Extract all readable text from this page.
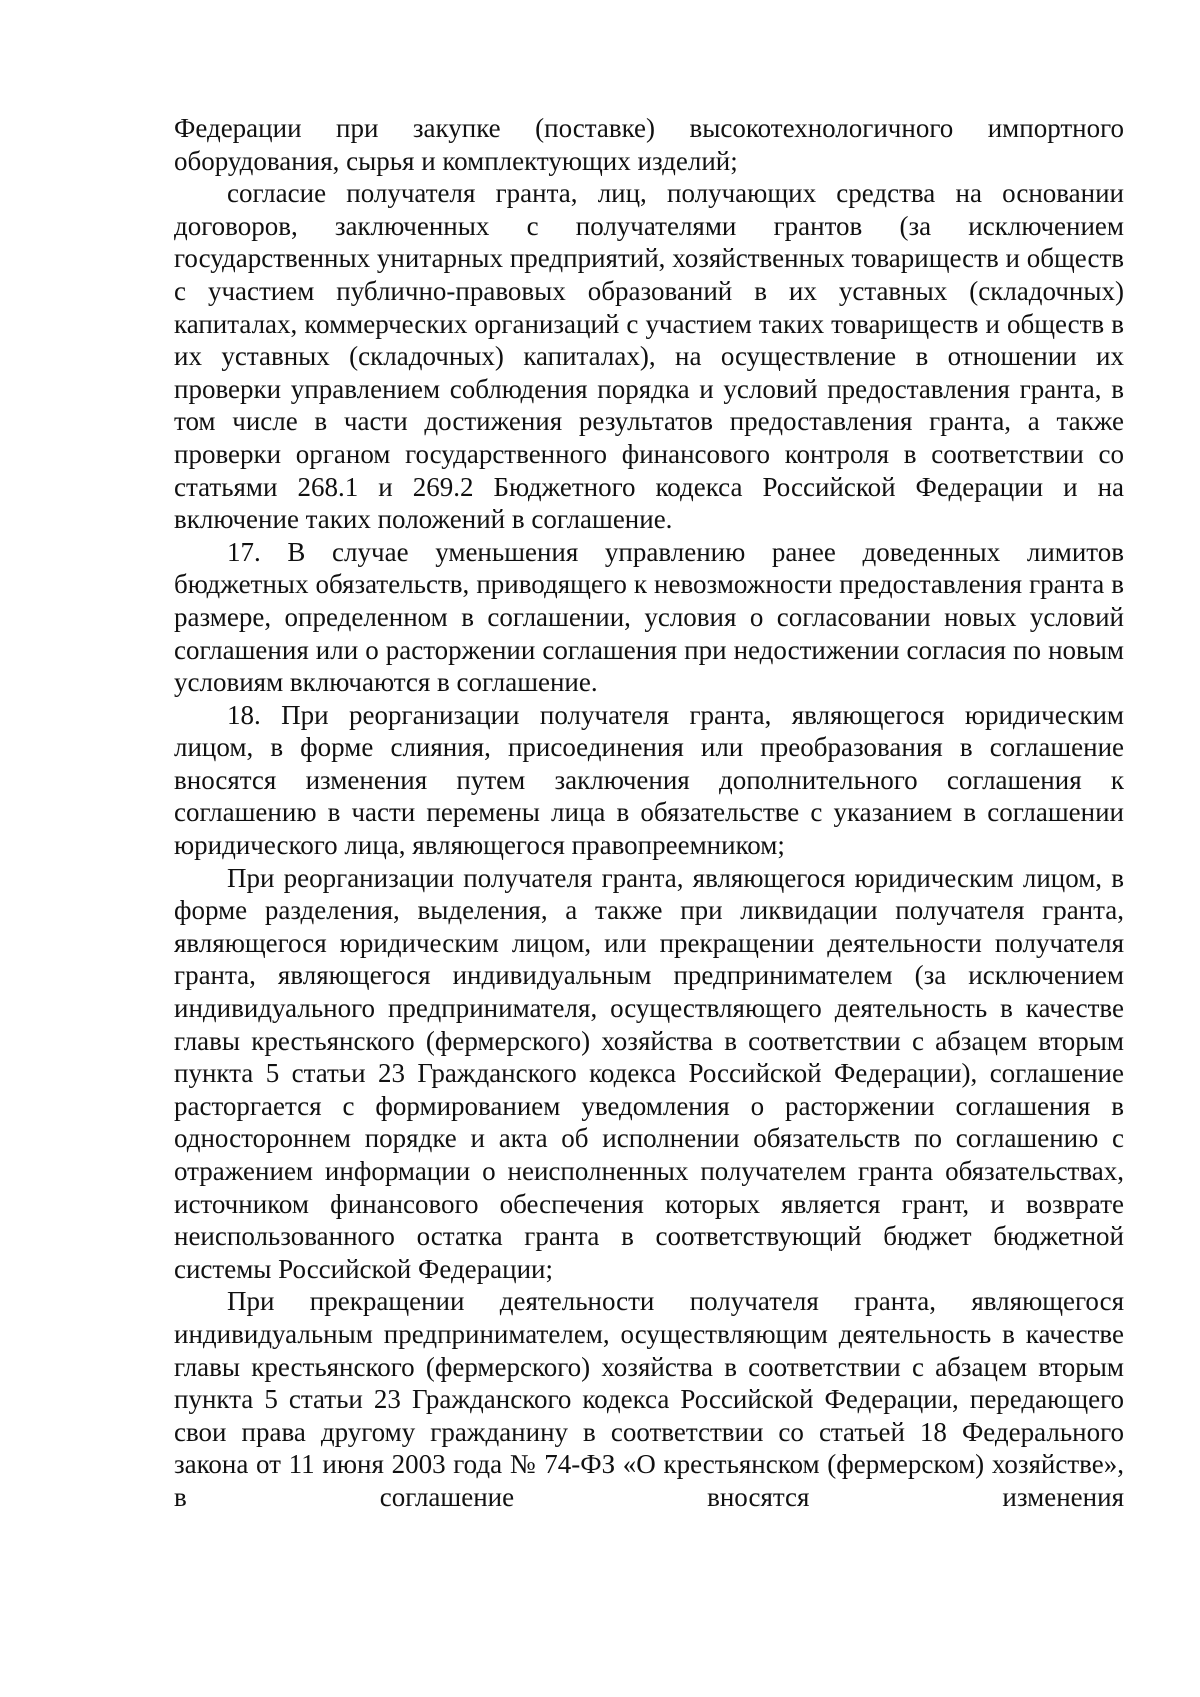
Федерации при закупке (поставке) высокотехнологичного импортного оборудования, сырья и комплектующих изделий;

согласие получателя гранта, лиц, получающих средства на основании договоров, заключенных с получателями грантов (за исключением государственных унитарных предприятий, хозяйственных товариществ и обществ с участием публично-правовых образований в их уставных (складочных) капиталах, коммерческих организаций с участием таких товариществ и обществ в их уставных (складочных) капиталах), на осуществление в отношении их проверки управлением соблюдения порядка и условий предоставления гранта, в том числе в части достижения результатов предоставления гранта, а также проверки органом государственного финансового контроля в соответствии со статьями 268.1 и 269.2 Бюджетного кодекса Российской Федерации и на включение таких положений в соглашение.

17. В случае уменьшения управлению ранее доведенных лимитов бюджетных обязательств, приводящего к невозможности предоставления гранта в размере, определенном в соглашении, условия о согласовании новых условий соглашения или о расторжении соглашения при недостижении согласия по новым условиям включаются в соглашение.

18. При реорганизации получателя гранта, являющегося юридическим лицом, в форме слияния, присоединения или преобразования в соглашение вносятся изменения путем заключения дополнительного соглашения к соглашению в части перемены лица в обязательстве с указанием в соглашении юридического лица, являющегося правопреемником;

При реорганизации получателя гранта, являющегося юридическим лицом, в форме разделения, выделения, а также при ликвидации получателя гранта, являющегося юридическим лицом, или прекращении деятельности получателя гранта, являющегося индивидуальным предпринимателем (за исключением индивидуального предпринимателя, осуществляющего деятельность в качестве главы крестьянского (фермерского) хозяйства в соответствии с абзацем вторым пункта 5 статьи 23 Гражданского кодекса Российской Федерации), соглашение расторгается с формированием уведомления о расторжении соглашения в одностороннем порядке и акта об исполнении обязательств по соглашению с отражением информации о неисполненных получателем гранта обязательствах, источником финансового обеспечения которых является грант, и возврате неиспользованного остатка гранта в соответствующий бюджет бюджетной системы Российской Федерации;

При прекращении деятельности получателя гранта, являющегося индивидуальным предпринимателем, осуществляющим деятельность в качестве главы крестьянского (фермерского) хозяйства в соответствии с абзацем вторым пункта 5 статьи 23 Гражданского кодекса Российской Федерации, передающего свои права другому гражданину в соответствии со статьей 18 Федерального закона от 11 июня 2003 года № 74-ФЗ «О крестьянском (фермерском) хозяйстве», в соглашение вносятся изменения
